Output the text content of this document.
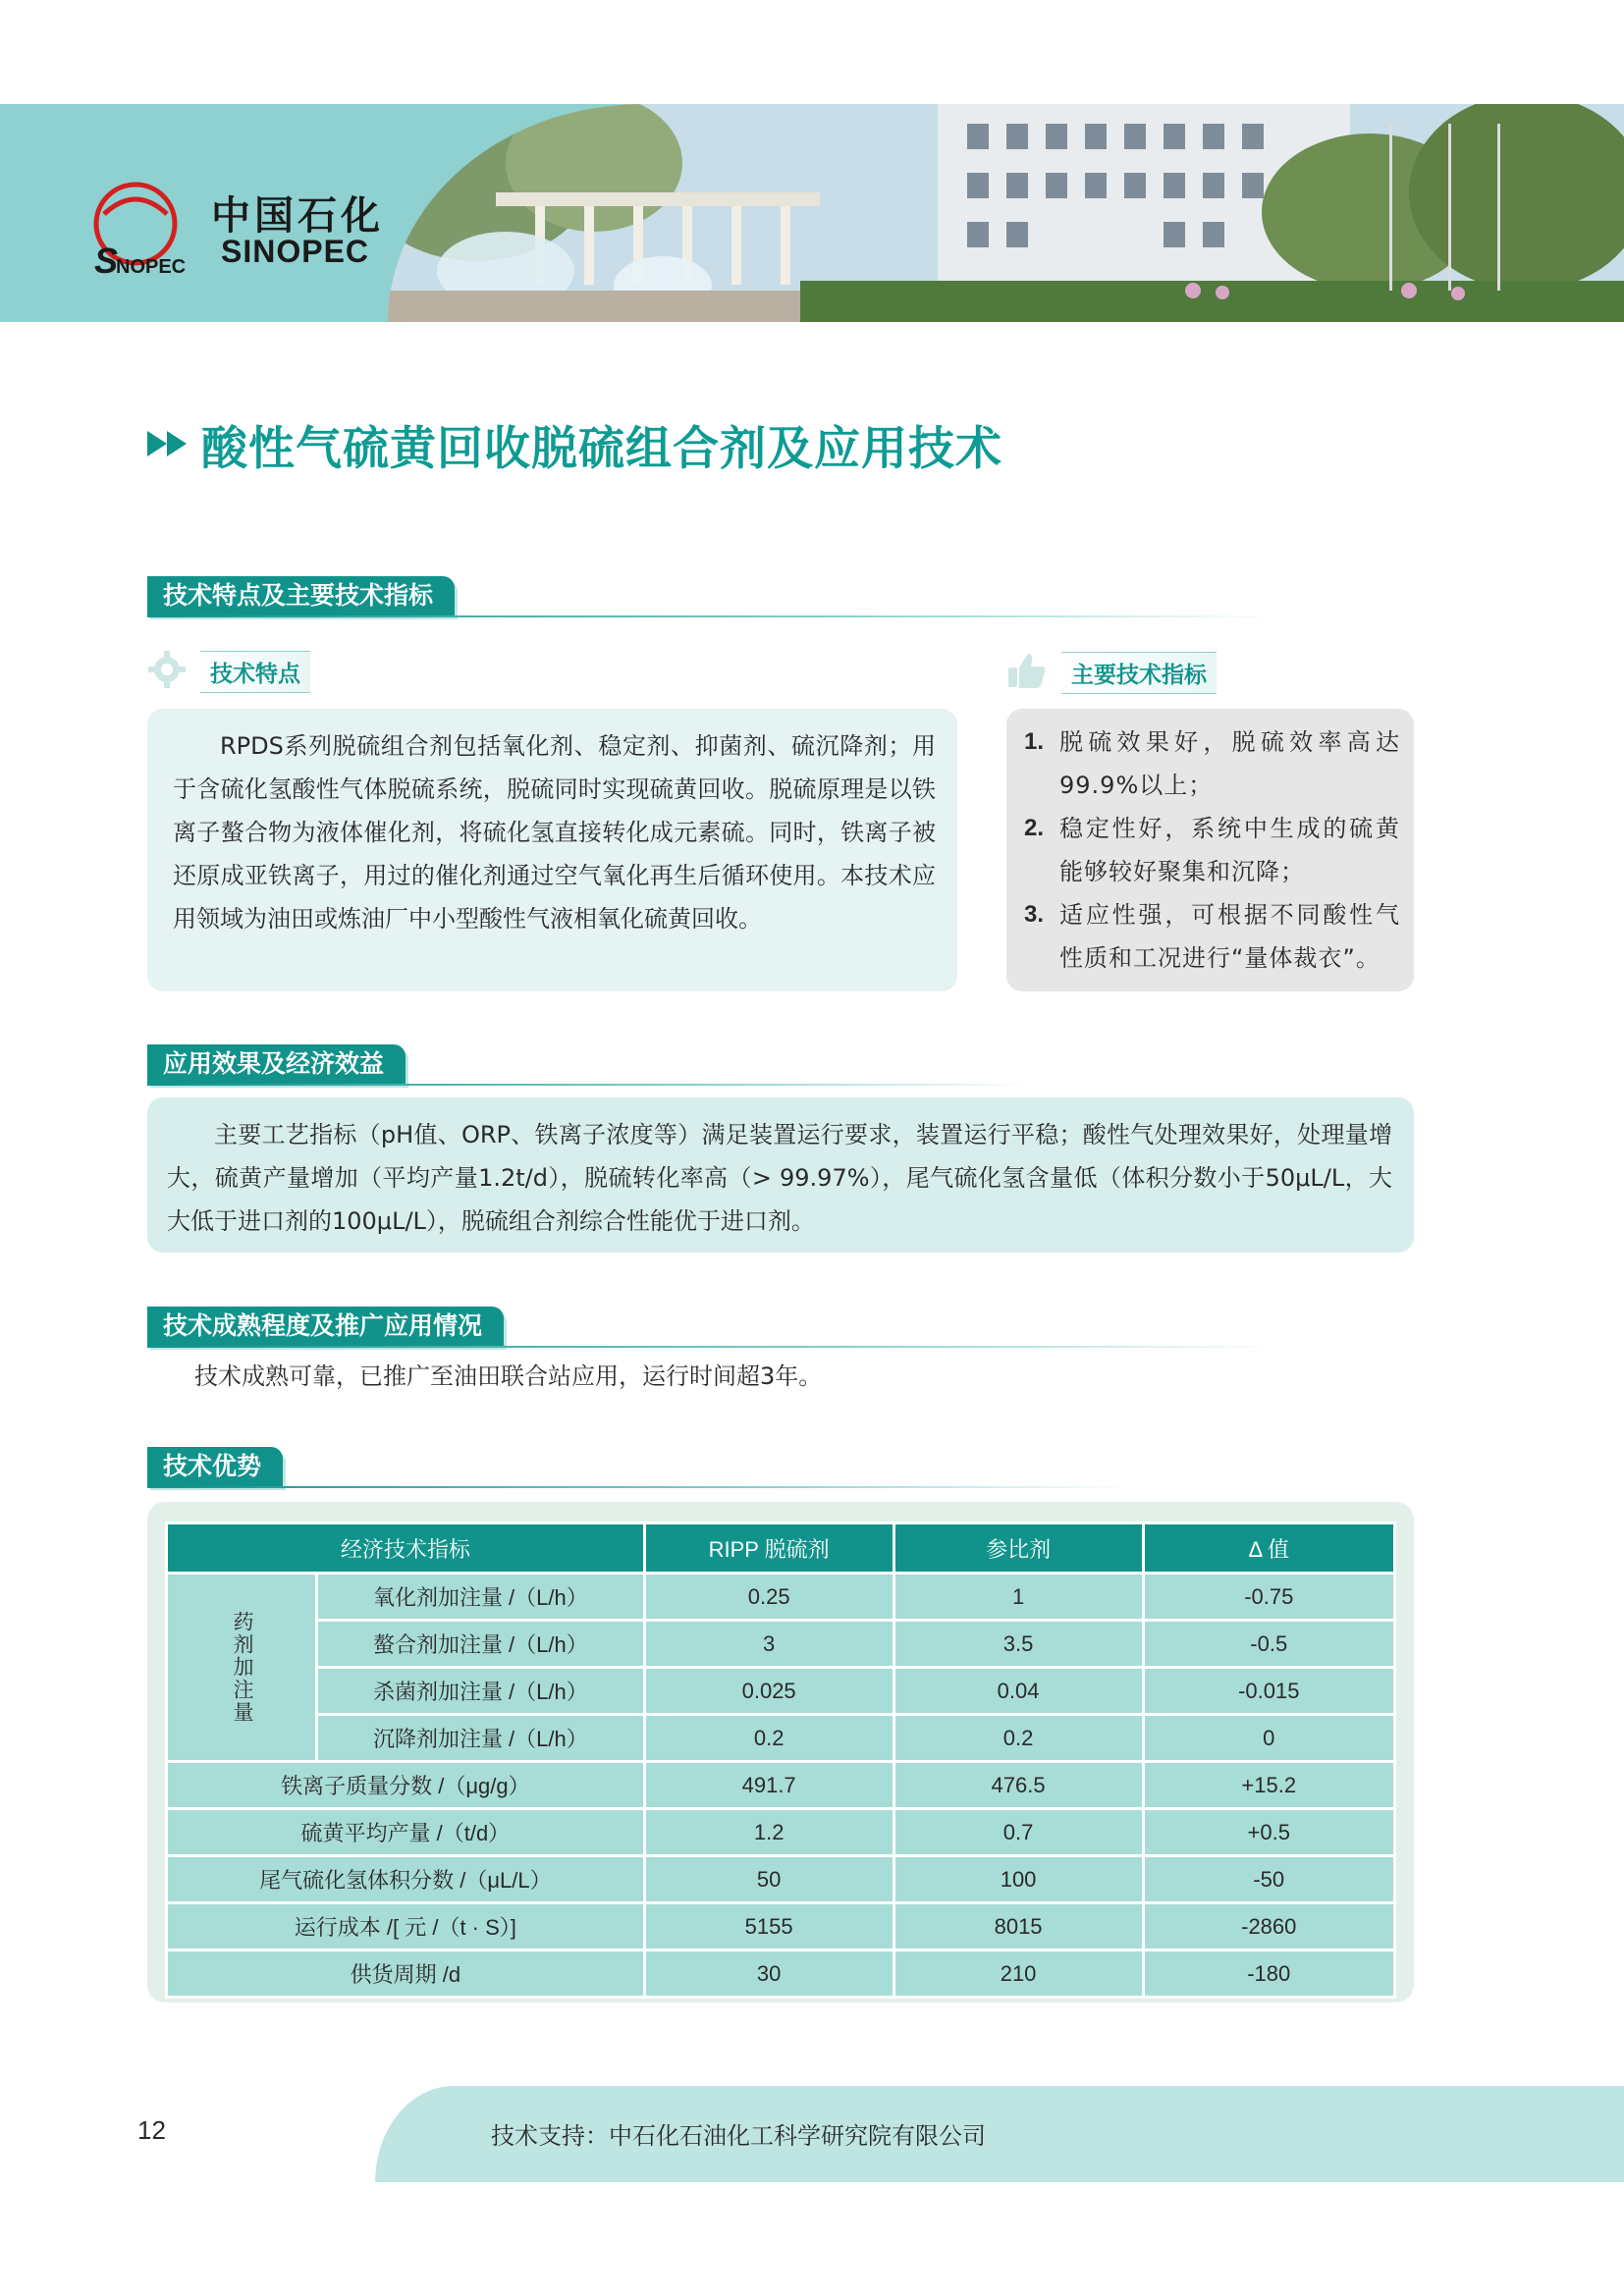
S
NOPEC
中国石化
SINOPEC
酸性气硫黄回收脱硫组合剂及应用技术
技术特点及主要技术指标
技术特点	主要技术指标

RPDS系列脱硫组合剂包括氧化剂、稳定剂、抑菌剂、硫沉降剂；用于含硫化氢酸性气体脱硫系统，脱硫同时实现硫黄回收。脱硫原理是以铁离子螯合物为液体催化剂，将硫化氢直接转化成元素硫。同时，铁离子被还原成亚铁离子，用过的催化剂通过空气氧化再生后循环使用。本技术应用领域为油田或炼油厂中小型酸性气液相氧化硫黄回收。

1. 脱硫效果好，脱硫效率高达99.9%以上；
2. 稳定性好，系统中生成的硫黄能够较好聚集和沉降；
3. 适应性强，可根据不同酸性气性质和工况进行“量体裁衣”。
应用效果及经济效益

主要工艺指标（pH值、ORP、铁离子浓度等）满足装置运行要求，装置运行平稳；酸性气处理效果好，处理量增大，硫黄产量增加（平均产量1.2t/d），脱硫转化率高（> 99.97%），尾气硫化氢含量低（体积分数小于50μL/L，大大低于进口剂的100μL/L），脱硫组合剂综合性能优于进口剂。

技术成熟程度及推广应用情况
技术成熟可靠，已推广至油田联合站应用，运行时间超3年。
技术优势
经济技术指标		RIPP 脱硫剂	参比剂	Δ 值
药剂加注量	氧化剂加注量 /（L/h）	0.25	1	-0.75
	螯合剂加注量 /（L/h）	3	3.5	-0.5
	杀菌剂加注量 /（L/h）	0.025	0.04	-0.015
	沉降剂加注量 /（L/h）	0.2	0.2	0
铁离子质量分数 /（μg/g）		491.7	476.5	+15.2
硫黄平均产量 /（t/d）		1.2	0.7	+0.5
尾气硫化氢体积分数 /（μL/L）		50	100	-50
运行成本 /[ 元 /（t · S）]		5155	8015	-2860
供货周期 /d		30	210	-180
12	技术支持：中石化石油化工科学研究院有限公司
